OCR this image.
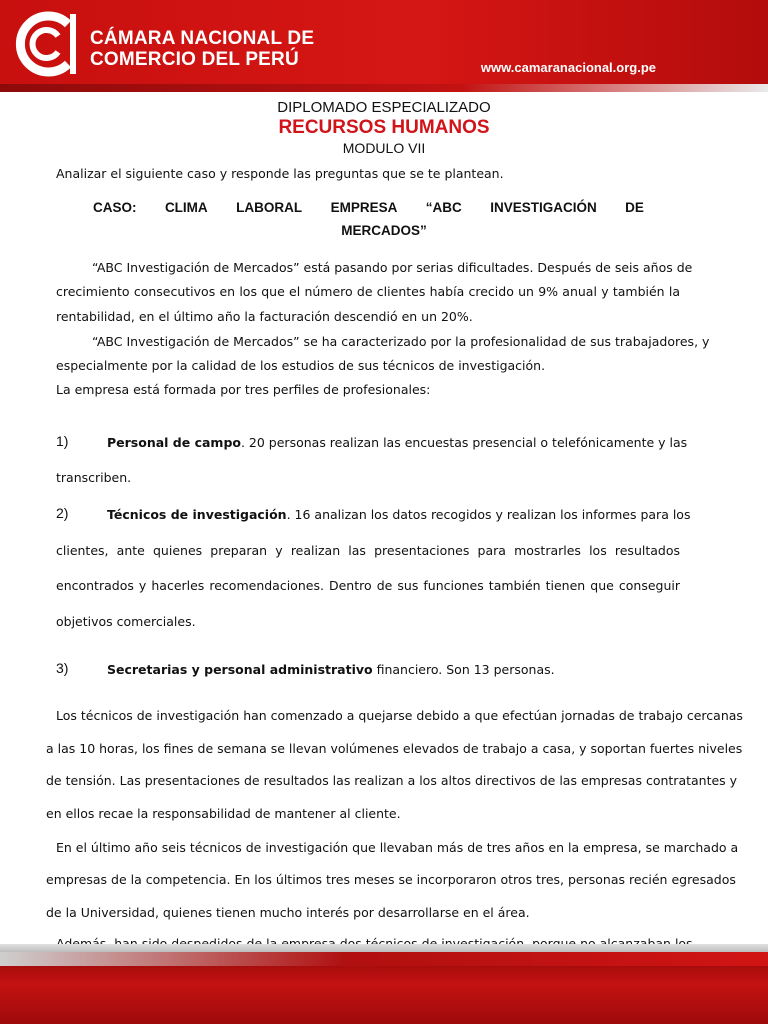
CÁMARA NACIONAL DE
COMERCIO DEL PERÚ	www.camaranacional.org.pe
DIPLOMADO ESPECIALIZADO
RECURSOS HUMANOS
MODULO VII
Analizar el siguiente caso y responde las preguntas que se te plantean.
CASO: CLIMA LABORAL EMPRESA “ABC INVESTIGACIÓN DE
MERCADOS”
“ABC Investigación de Mercados” está pasando por serias dificultades. Después de seis años de
crecimiento consecutivos en los que el número de clientes había crecido un 9% anual y también la
rentabilidad, en el último año la facturación descendió en un 20%.
“ABC Investigación de Mercados” se ha caracterizado por la profesionalidad de sus trabajadores, y
especialmente por la calidad de los estudios de sus técnicos de investigación.
La empresa está formada por tres perfiles de profesionales:
1)	Personal de campo. 20 personas realizan las encuestas presencial o telefónicamente y las
transcriben.
2)	Técnicos de investigación. 16 analizan los datos recogidos y realizan los informes para los
clientes, ante quienes preparan y realizan las presentaciones para mostrarles los resultados
encontrados y hacerles recomendaciones. Dentro de sus funciones también tienen que conseguir
objetivos comerciales.
3)	Secretarias y personal administrativo financiero. Son 13 personas.
Los técnicos de investigación han comenzado a quejarse debido a que efectúan jornadas de trabajo cercanas
a las 10 horas, los fines de semana se llevan volúmenes elevados de trabajo a casa, y soportan fuertes niveles
de tensión. Las presentaciones de resultados las realizan a los altos directivos de las empresas contratantes y
en ellos recae la responsabilidad de mantener al cliente.
En el último año seis técnicos de investigación que llevaban más de tres años en la empresa, se marchado a
empresas de la competencia. En los últimos tres meses se incorporaron otros tres, personas recién egresados
de la Universidad, quienes tienen mucho interés por desarrollarse en el área.
